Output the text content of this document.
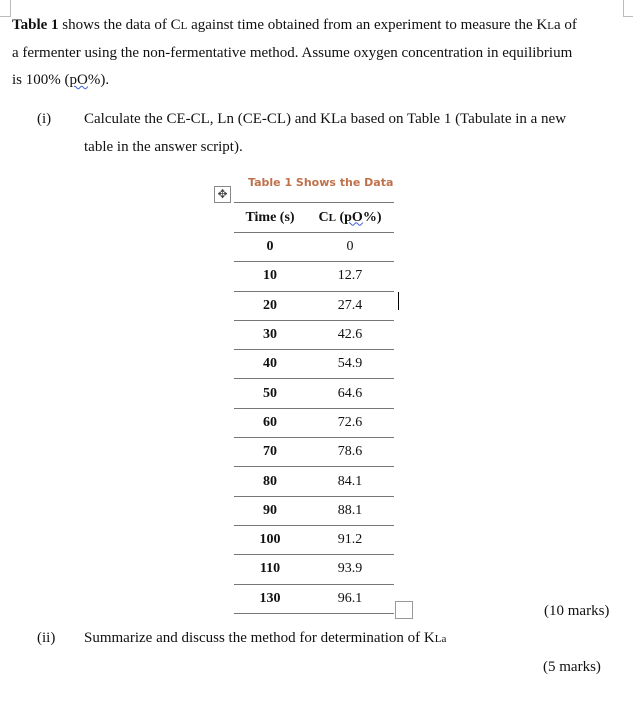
Table 1 shows the data of CL against time obtained from an experiment to measure the KLa of
a fermenter using the non-fermentative method. Assume oxygen concentration in equilibrium
is 100% (pO%).
(i) Calculate the CE-CL, Ln (CE-CL) and KLa based on Table 1 (Tabulate in a new
table in the answer script).
✥
Table 1 Shows the Data
Time (s)	CL (pO%)
0	0
10	12.7
20	27.4
30	42.6
40	54.9
50	64.6
60	72.6
70	78.6
80	84.1
90	88.1
100	91.2
110	93.9
130	96.1
(10 marks)
(ii) Summarize and discuss the method for determination of KLa
(5 marks)
